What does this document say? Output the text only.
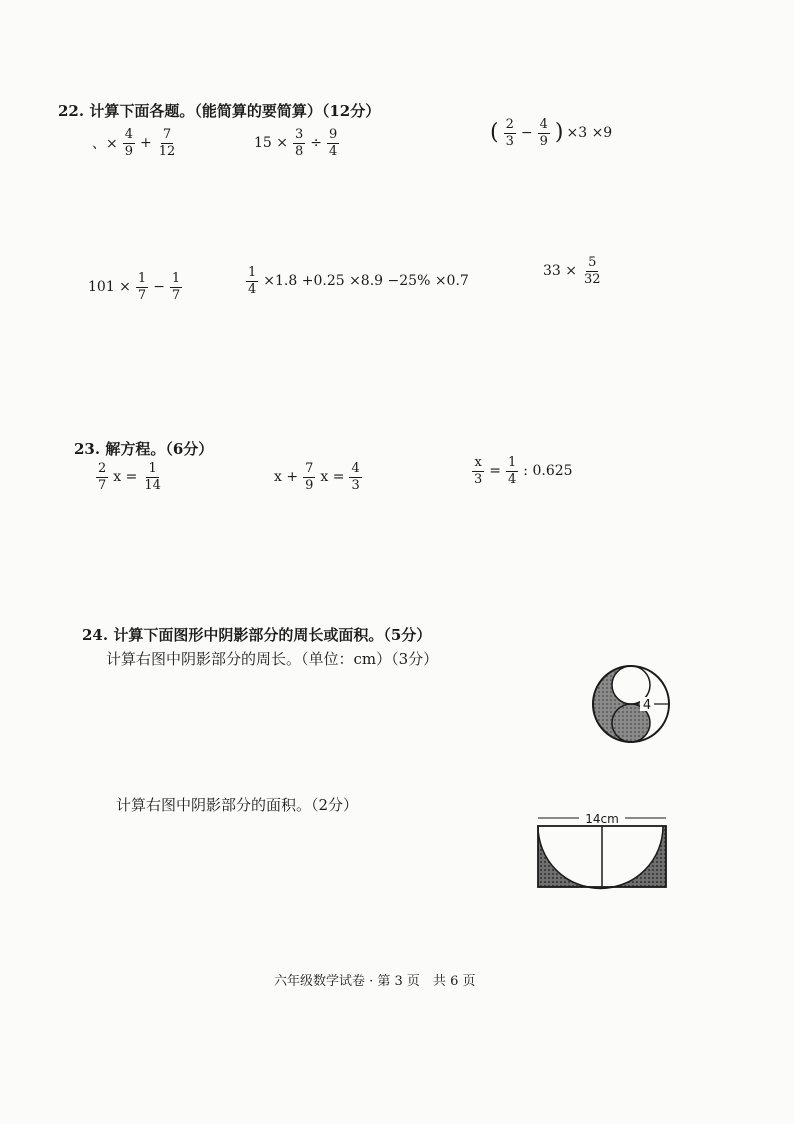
22. 计算下面各题。（能简算的要简算）（12分）
、× $\frac{4}{9} + \frac{7}{12}$	$15 \times \frac{3}{8} \div \frac{9}{4}$	( $\frac{2}{3} - \frac{4}{9}$ ) ×3 ×9
$101 \times \frac{1}{7} - \frac{1}{7}$	$\frac{1}{4} \times 1.8 +0.25 \times 8.9 -25\% \times 0.7$
$33 \times \frac{5}{32}$
23. 解方程。（6分）
$\frac{2}{7}$ $x = \frac{1}{14}$	$x + \frac{7}{9}$ $x = \frac{4}{3}$	$\frac{x}{3} = \frac{1}{4}$ : 0.625
24. 计算下面图形中阴影部分的周长或面积。（5分）
计算右图中阴影部分的周长。（单位：cm）（3分）
4
计算右图中阴影部分的面积。（2分）
14cm
六年级数学试卷 · 第 3 页　共 6 页
